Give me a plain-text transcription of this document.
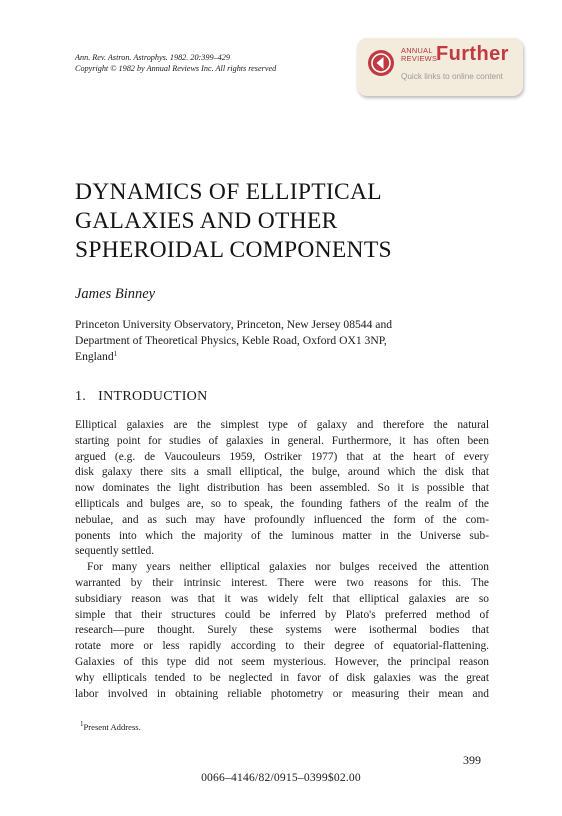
Ann. Rev. Astron. Astrophys. 1982. 20:399–429
Copyright © 1982 by Annual Reviews Inc. All rights reserved
ANNUAL
REVIEWS
Further
Quick links to online content
DYNAMICS OF ELLIPTICAL
GALAXIES AND OTHER
SPHEROIDAL COMPONENTS
James Binney
Princeton University Observatory, Princeton, New Jersey 08544 and
Department of Theoretical Physics, Keble Road, Oxford OX1 3NP,
England$^1$
1. INTRODUCTION
Elliptical galaxies are the simplest type of galaxy and therefore the natural
starting point for studies of galaxies in general. Furthermore, it has often been
argued (e.g. de Vaucouleurs 1959, Ostriker 1977) that at the heart of every
disk galaxy there sits a small elliptical, the bulge, around which the disk that
now dominates the light distribution has been assembled. So it is possible that
ellipticals and bulges are, so to speak, the founding fathers of the realm of the
nebulae, and as such may have profoundly influenced the form of the com-
ponents into which the majority of the luminous matter in the Universe sub-
sequently settled.
For many years neither elliptical galaxies nor bulges received the attention
warranted by their intrinsic interest. There were two reasons for this. The
subsidiary reason was that it was widely felt that elliptical galaxies are so
simple that their structures could be inferred by Plato's preferred method of
research—pure thought. Surely these systems were isothermal bodies that
rotate more or less rapidly according to their degree of equatorial-flattening.
Galaxies of this type did not seem mysterious. However, the principal reason
why ellipticals tended to be neglected in favor of disk galaxies was the great
labor involved in obtaining reliable photometry or measuring their mean and
$^1$Present Address.
399
0066–4146/82/0915–0399$02.00
